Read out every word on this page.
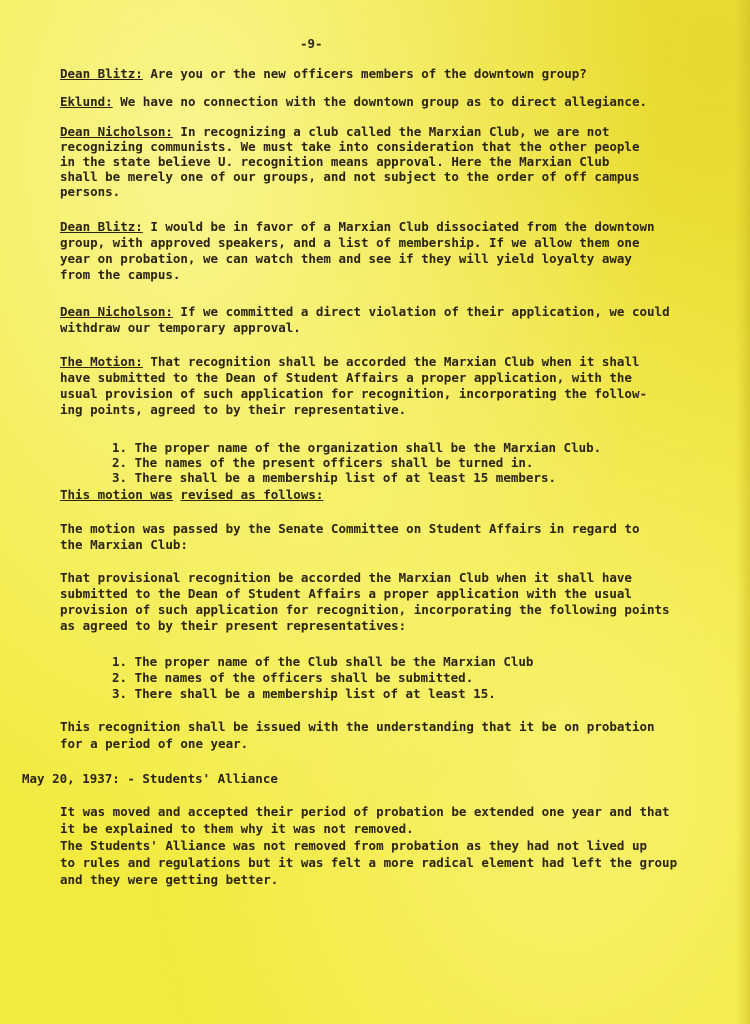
-9-
Dean Blitz: Are you or the new officers members of the downtown group?
Eklund: We have no connection with the downtown group as to direct allegiance.
Dean Nicholson: In recognizing a club called the Marxian Club, we are not
recognizing communists. We must take into consideration that the other people
in the state believe U. recognition means approval. Here the Marxian Club
shall be merely one of our groups, and not subject to the order of off campus
persons.
Dean Blitz: I would be in favor of a Marxian Club dissociated from the downtown
group, with approved speakers, and a list of membership. If we allow them one
year on probation, we can watch them and see if they will yield loyalty away
from the campus.
Dean Nicholson: If we committed a direct violation of their application, we could
withdraw our temporary approval.
The Motion: That recognition shall be accorded the Marxian Club when it shall
have submitted to the Dean of Student Affairs a proper application, with the
usual provision of such application for recognition, incorporating the follow-
ing points, agreed to by their representative.
1. The proper name of the organization shall be the Marxian Club.
2. The names of the present officers shall be turned in.
3. There shall be a membership list of at least 15 members.
This motion was revised as follows:
The motion was passed by the Senate Committee on Student Affairs in regard to
the Marxian Club:
That provisional recognition be accorded the Marxian Club when it shall have
submitted to the Dean of Student Affairs a proper application with the usual
provision of such application for recognition, incorporating the following points
as agreed to by their present representatives:
1. The proper name of the Club shall be the Marxian Club
2. The names of the officers shall be submitted.
3. There shall be a membership list of at least 15.
This recognition shall be issued with the understanding that it be on probation
for a period of one year.
May 20, 1937: - Students' Alliance
It was moved and accepted their period of probation be extended one year and that
it be explained to them why it was not removed.
The Students' Alliance was not removed from probation as they had not lived up
to rules and regulations but it was felt a more radical element had left the group
and they were getting better.
